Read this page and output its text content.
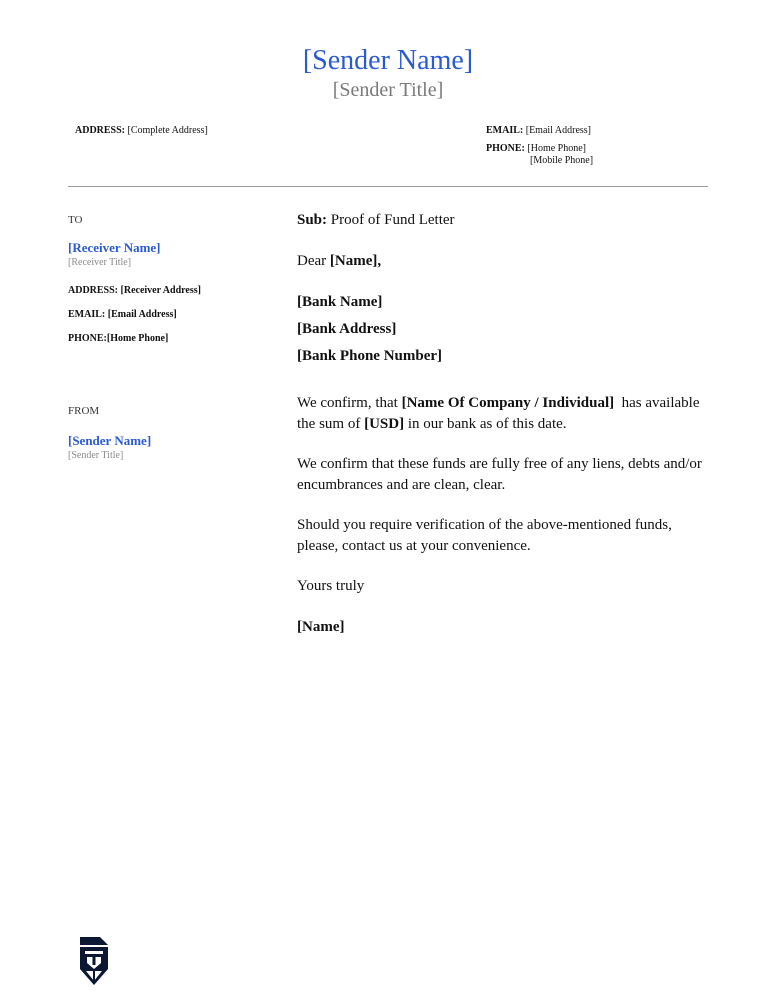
[Sender Name]
[Sender Title]
ADDRESS: [Complete Address]	EMAIL: [Email Address]
PHONE: [Home Phone]
[Mobile Phone]
TO
[Receiver Name]
[Receiver Title]
ADDRESS: [Receiver Address]
EMAIL: [Email Address]
PHONE:[Home Phone]
FROM
[Sender Name]
[Sender Title]
Sub: Proof of Fund Letter
Dear [Name],
[Bank Name]
[Bank Address]
[Bank Phone Number]
We confirm, that [Name Of Company / Individual] has available the sum of [USD] in our bank as of this date.
We confirm that these funds are fully free of any liens, debts and/or encumbrances and are clean, clear.
Should you require verification of the above-mentioned funds, please, contact us at your convenience.
Yours truly
[Name]
